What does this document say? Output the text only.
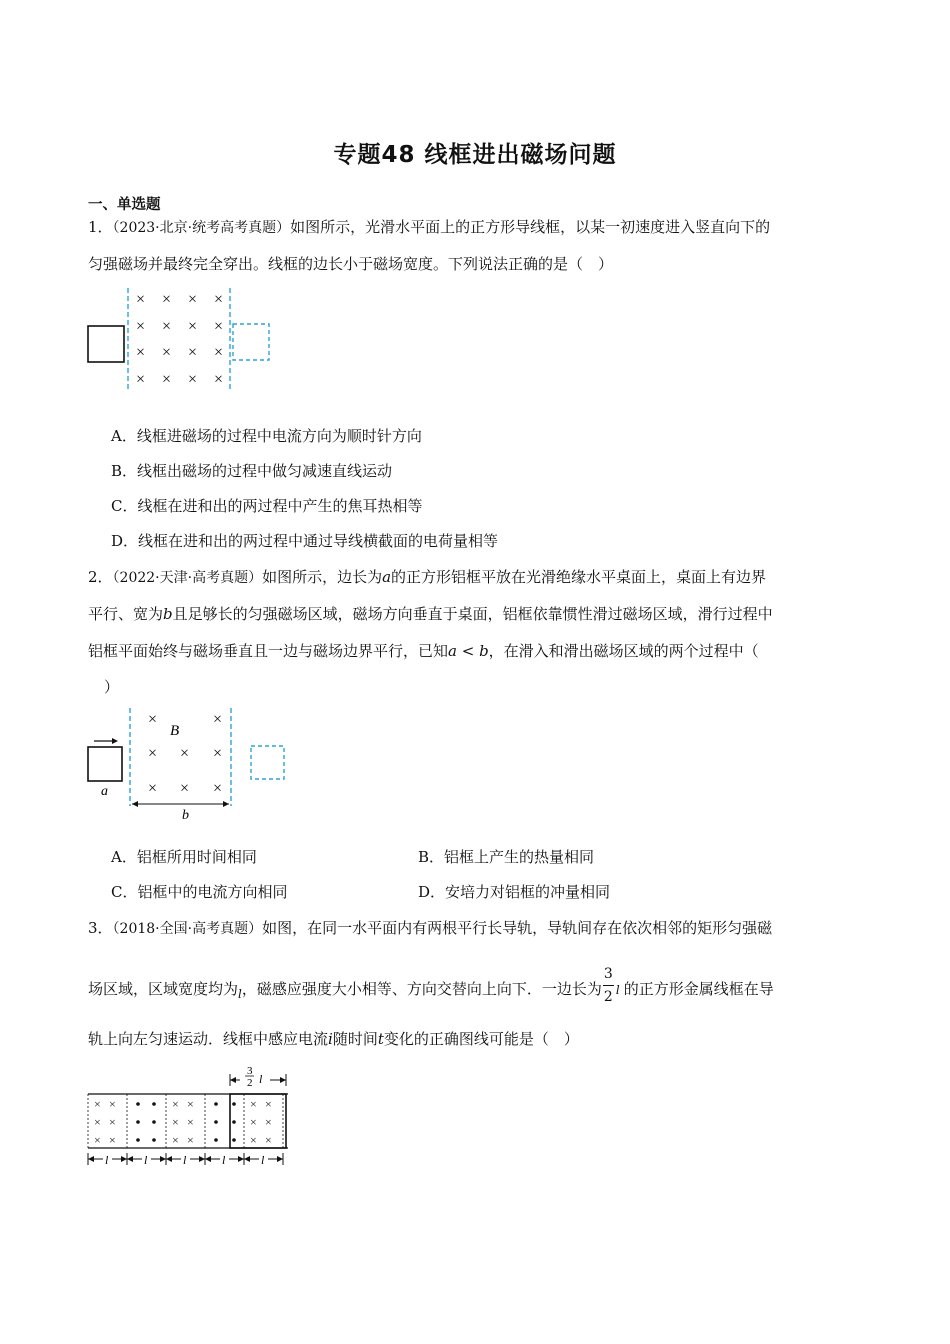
专题48 线框进出磁场问题
一、单选题
1．（2023·北京·统考高考真题）如图所示，光滑水平面上的正方形导线框，以某一初速度进入竖直向下的
匀强磁场并最终完全穿出。线框的边长小于磁场宽度。下列说法正确的是（　）
× × × ×
× × × ×
× × × ×
× × × ×
A．线框进磁场的过程中电流方向为顺时针方向
B．线框出磁场的过程中做匀减速直线运动
C．线框在进和出的两过程中产生的焦耳热相等
D．线框在进和出的两过程中通过导线横截面的电荷量相等
2．（2022·天津·高考真题）如图所示，边长为a的正方形铝框平放在光滑绝缘水平桌面上，桌面上有边界
平行、宽为b且足够长的匀强磁场区域，磁场方向垂直于桌面，铝框依靠惯性滑过磁场区域，滑行过程中
铝框平面始终与磁场垂直且一边与磁场边界平行，已知a < b，在滑入和滑出磁场区域的两个过程中（
）
a
×	×
× × ×
× × ×
B
b
A．铝框所用时间相同	B．铝框上产生的热量相同
C．铝框中的电流方向相同	D．安培力对铝框的冲量相同
3．（2018·全国·高考真题）如图，在同一水平面内有两根平行长导轨，导轨间存在依次相邻的矩形匀强磁
场区域，区域宽度均为$_l$，磁感应强度大小相等、方向交替向上向下．一边长为 $\frac{3}{2}$ l 的正方形金属线框在导
轨上向左匀速运动．线框中感应电流i随时间t变化的正确图线可能是（　）
3
2 l
× ×
× ×
× ×
× ×
× ×
× ×
× ×
× ×
× ×
l	l	l	l	l
